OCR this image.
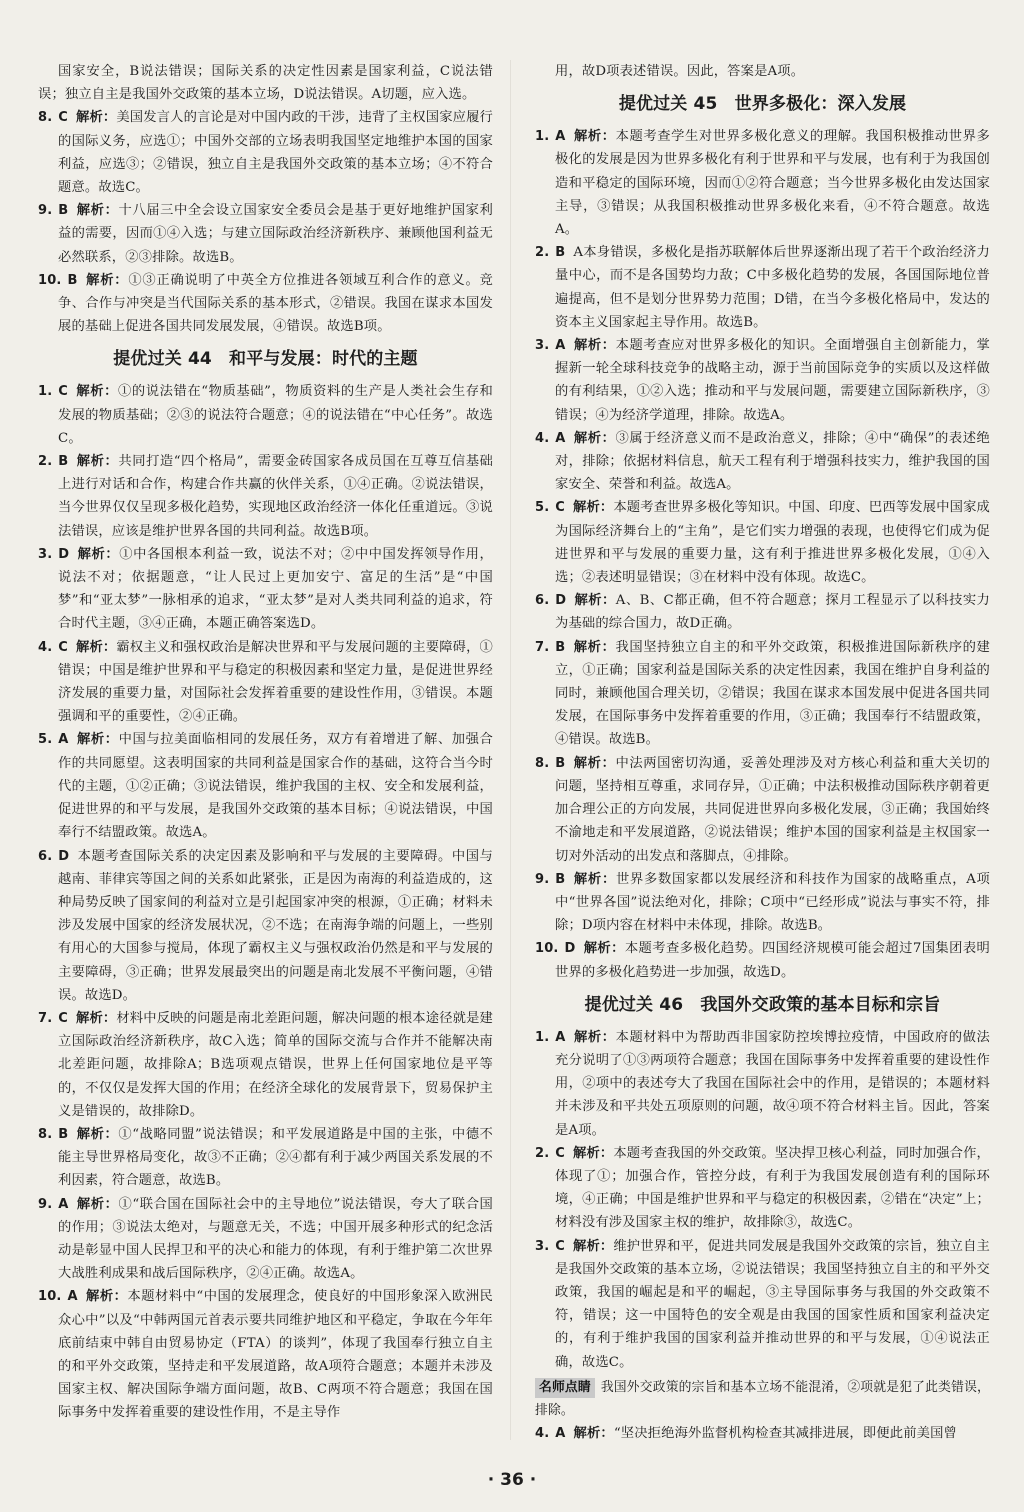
国家安全，B说法错误；国际关系的决定性因素是国家利益，C说法错误；独立自主是我国外交政策的基本立场，D说法错误。A切题，应入选。

8. C 解析：美国发言人的言论是对中国内政的干涉，违背了主权国家应履行的国际义务，应选①；中国外交部的立场表明我国坚定地维护本国的国家利益，应选③；②错误，独立自主是我国外交政策的基本立场；④不符合题意。故选C。

9. B 解析：十八届三中全会设立国家安全委员会是基于更好地维护国家利益的需要，因而①④入选；与建立国际政治经济新秩序、兼顾他国利益无必然联系，②③排除。故选B。

10. B 解析：①③正确说明了中英全方位推进各领域互利合作的意义。竞争、合作与冲突是当代国际关系的基本形式，②错误。我国在谋求本国发展的基础上促进各国共同发展发展，④错误。故选B项。

提优过关 44　和平与发展：时代的主题

1. C 解析：①的说法错在“物质基础”，物质资料的生产是人类社会生存和发展的物质基础；②③的说法符合题意；④的说法错在“中心任务”。故选C。

2. B 解析：共同打造“四个格局”，需要金砖国家各成员国在互尊互信基础上进行对话和合作，构建合作共赢的伙伴关系，①④正确。②说法错误，当今世界仅仅呈现多极化趋势，实现地区政治经济一体化任重道远。③说法错误，应该是维护世界各国的共同利益。故选B项。

3. D 解析：①中各国根本利益一致，说法不对；②中中国发挥领导作用，说法不对；依据题意，“让人民过上更加安宁、富足的生活”是“中国梦”和“亚太梦”一脉相承的追求，“亚太梦”是对人类共同利益的追求，符合时代主题，③④正确，本题正确答案选D。

4. C 解析：霸权主义和强权政治是解决世界和平与发展问题的主要障碍，①错误；中国是维护世界和平与稳定的积极因素和坚定力量，是促进世界经济发展的重要力量，对国际社会发挥着重要的建设性作用，③错误。本题强调和平的重要性，②④正确。

5. A 解析：中国与拉美面临相同的发展任务，双方有着增进了解、加强合作的共同愿望。这表明国家的共同利益是国家合作的基础，这符合当今时代的主题，①②正确；③说法错误，维护我国的主权、安全和发展利益，促进世界的和平与发展，是我国外交政策的基本目标；④说法错误，中国奉行不结盟政策。故选A。

6. D 本题考查国际关系的决定因素及影响和平与发展的主要障碍。中国与越南、菲律宾等国之间的关系如此紧张，正是因为南海的利益造成的，这种局势反映了国家间的利益对立是引起国家冲突的根源，①正确；材料未涉及发展中国家的经济发展状况，②不选；在南海争端的问题上，一些别有用心的大国参与搅局，体现了霸权主义与强权政治仍然是和平与发展的主要障碍，③正确；世界发展最突出的问题是南北发展不平衡问题，④错误。故选D。

7. C 解析：材料中反映的问题是南北差距问题，解决问题的根本途径就是建立国际政治经济新秩序，故C入选；简单的国际交流与合作并不能解决南北差距问题，故排除A；B选项观点错误，世界上任何国家地位是平等的，不仅仅是发挥大国的作用；在经济全球化的发展背景下，贸易保护主义是错误的，故排除D。

8. B 解析：①“战略同盟”说法错误；和平发展道路是中国的主张，中德不能主导世界格局变化，故③不正确；②④都有利于减少两国关系发展的不利因素，符合题意，故选B。

9. A 解析：①“联合国在国际社会中的主导地位”说法错误，夸大了联合国的作用；③说法太绝对，与题意无关，不选；中国开展多种形式的纪念活动是彰显中国人民捍卫和平的决心和能力的体现，有利于维护第二次世界大战胜利成果和战后国际秩序，②④正确。故选A。

10. A 解析：本题材料中“中国的发展理念，使良好的中国形象深入欧洲民众心中”以及“中韩两国元首表示要共同维护地区和平稳定，争取在今年年底前结束中韩自由贸易协定（FTA）的谈判”，体现了我国奉行独立自主的和平外交政策，坚持走和平发展道路，故A项符合题意；本题并未涉及国家主权、解决国际争端方面问题，故B、C两项不符合题意；我国在国际事务中发挥着重要的建设性作用，不是主导作

用，故D项表述错误。因此，答案是A项。

提优过关 45　世界多极化：深入发展

1. A 解析：本题考查学生对世界多极化意义的理解。我国积极推动世界多极化的发展是因为世界多极化有利于世界和平与发展，也有利于为我国创造和平稳定的国际环境，因而①②符合题意；当今世界多极化由发达国家主导，③错误；从我国积极推动世界多极化来看，④不符合题意。故选A。

2. B A本身错误，多极化是指苏联解体后世界逐渐出现了若干个政治经济力量中心，而不是各国势均力敌；C中多极化趋势的发展，各国国际地位普遍提高，但不是划分世界势力范围；D错，在当今多极化格局中，发达的资本主义国家起主导作用。故选B。

3. A 解析：本题考查应对世界多极化的知识。全面增强自主创新能力，掌握新一轮全球科技竞争的战略主动，源于当前国际竞争的实质以及这样做的有利结果，①②入选；推动和平与发展问题，需要建立国际新秩序，③错误；④为经济学道理，排除。故选A。

4. A 解析：③属于经济意义而不是政治意义，排除；④中“确保”的表述绝对，排除；依据材料信息，航天工程有利于增强科技实力，维护我国的国家安全、荣誉和利益。故选A。

5. C 解析：本题考查世界多极化等知识。中国、印度、巴西等发展中国家成为国际经济舞台上的“主角”，是它们实力增强的表现，也使得它们成为促进世界和平与发展的重要力量，这有利于推进世界多极化发展，①④入选；②表述明显错误；③在材料中没有体现。故选C。

6. D 解析：A、B、C都正确，但不符合题意；探月工程显示了以科技实力为基础的综合国力，故D正确。

7. B 解析：我国坚持独立自主的和平外交政策，积极推进国际新秩序的建立，①正确；国家利益是国际关系的决定性因素，我国在维护自身利益的同时，兼顾他国合理关切，②错误；我国在谋求本国发展中促进各国共同发展，在国际事务中发挥着重要的作用，③正确；我国奉行不结盟政策，④错误。故选B。

8. B 解析：中法两国密切沟通，妥善处理涉及对方核心利益和重大关切的问题，坚持相互尊重，求同存异，①正确；中法积极推动国际秩序朝着更加合理公正的方向发展，共同促进世界向多极化发展，③正确；我国始终不渝地走和平发展道路，②说法错误；维护本国的国家利益是主权国家一切对外活动的出发点和落脚点，④排除。

9. B 解析：世界多数国家都以发展经济和科技作为国家的战略重点，A项中“世界各国”说法绝对化，排除；C项中“已经形成”说法与事实不符，排除；D项内容在材料中未体现，排除。故选B。

10. D 解析：本题考查多极化趋势。四国经济规模可能会超过7国集团表明世界的多极化趋势进一步加强，故选D。

提优过关 46　我国外交政策的基本目标和宗旨

1. A 解析：本题材料中为帮助西非国家防控埃博拉疫情，中国政府的做法充分说明了①③两项符合题意；我国在国际事务中发挥着重要的建设性作用，②项中的表述夸大了我国在国际社会中的作用，是错误的；本题材料并未涉及和平共处五项原则的问题，故④项不符合材料主旨。因此，答案是A项。

2. C 解析：本题考查我国的外交政策。坚决捍卫核心利益，同时加强合作，体现了①；加强合作，管控分歧，有利于为我国发展创造有利的国际环境，④正确；中国是维护世界和平与稳定的积极因素，②错在“决定”上；材料没有涉及国家主权的维护，故排除③，故选C。

3. C 解析：维护世界和平，促进共同发展是我国外交政策的宗旨，独立自主是我国外交政策的基本立场，②说法错误；我国坚持独立自主的和平外交政策，我国的崛起是和平的崛起，③主导国际事务与我国的外交政策不符，错误；这一中国特色的安全观是由我国的国家性质和国家利益决定的，有利于维护我国的国家利益并推动世界的和平与发展，①④说法正确，故选C。

名师点睛 我国外交政策的宗旨和基本立场不能混淆，②项就是犯了此类错误，排除。

4. A 解析：“坚决拒绝海外监督机构检查其减排进展，即便此前美国曾

· 36 ·
